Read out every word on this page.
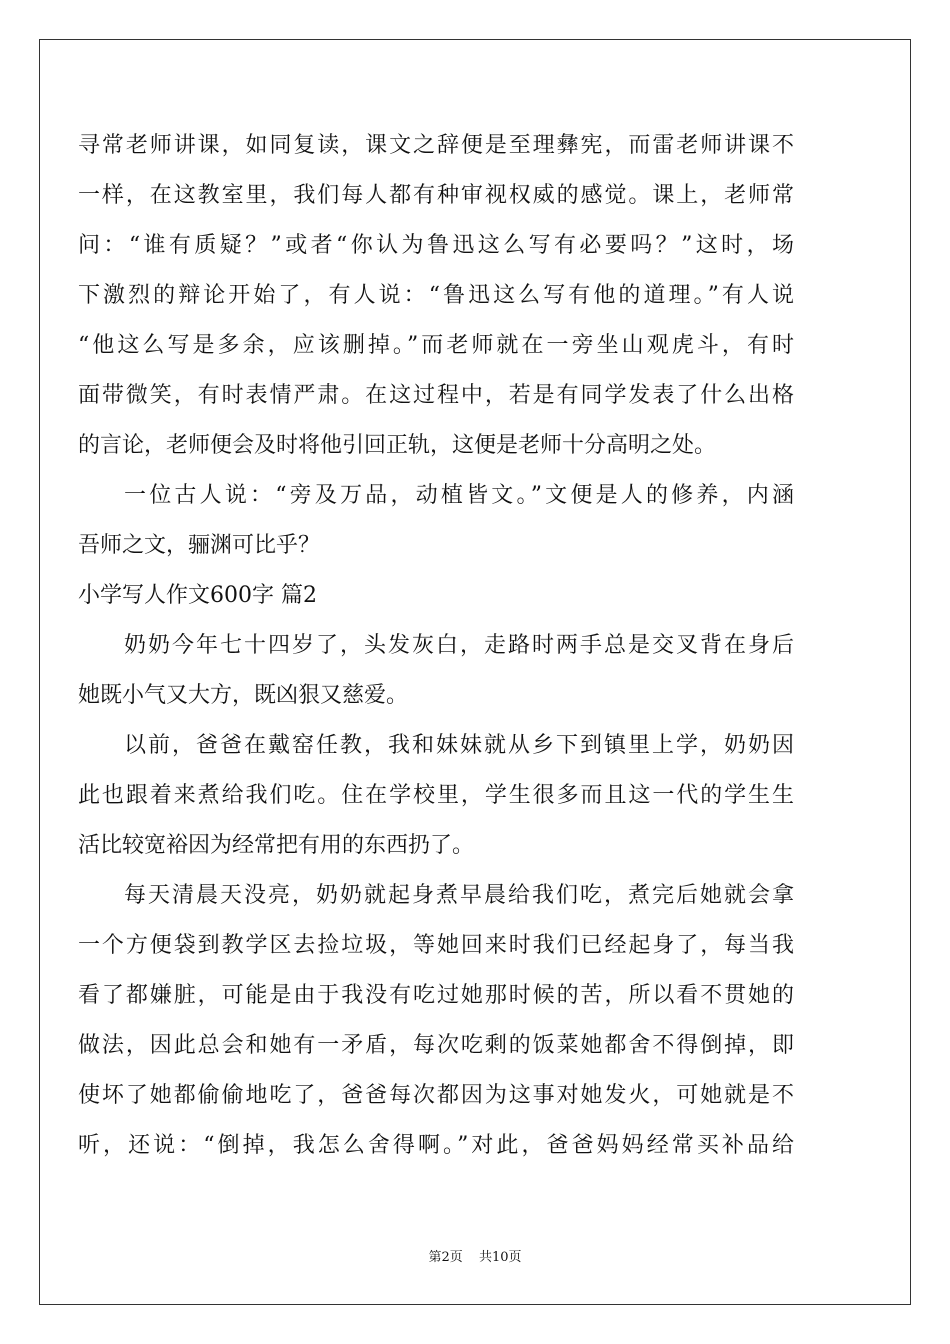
寻常老师讲课，如同复读，课文之辞便是至理彝宪，而雷老师讲课不
一样，在这教室里，我们每人都有种审视权威的感觉。课上，老师常
问：“谁有质疑？”或者“你认为鲁迅这么写有必要吗？”这时，场
下激烈的辩论开始了，有人说：“鲁迅这么写有他的道理。”有人说
“他这么写是多余，应该删掉。”而老师就在一旁坐山观虎斗，有时
面带微笑，有时表情严肃。在这过程中，若是有同学发表了什么出格
的言论，老师便会及时将他引回正轨，这便是老师十分高明之处。
一位古人说：“旁及万品，动植皆文。”文便是人的修养，内涵
吾师之文，骊渊可比乎？
小学写人作文600字 篇2
奶奶今年七十四岁了，头发灰白，走路时两手总是交叉背在身后
她既小气又大方，既凶狠又慈爱。
以前，爸爸在戴窑任教，我和妹妹就从乡下到镇里上学，奶奶因
此也跟着来煮给我们吃。住在学校里，学生很多而且这一代的学生生
活比较宽裕因为经常把有用的东西扔了。
每天清晨天没亮，奶奶就起身煮早晨给我们吃，煮完后她就会拿
一个方便袋到教学区去捡垃圾，等她回来时我们已经起身了，每当我
看了都嫌脏，可能是由于我没有吃过她那时候的苦，所以看不贯她的
做法，因此总会和她有一矛盾，每次吃剩的饭菜她都舍不得倒掉，即
使坏了她都偷偷地吃了，爸爸每次都因为这事对她发火，可她就是不
听，还说：“倒掉，我怎么舍得啊。”对此，爸爸妈妈经常买补品给
第2页 共10页
